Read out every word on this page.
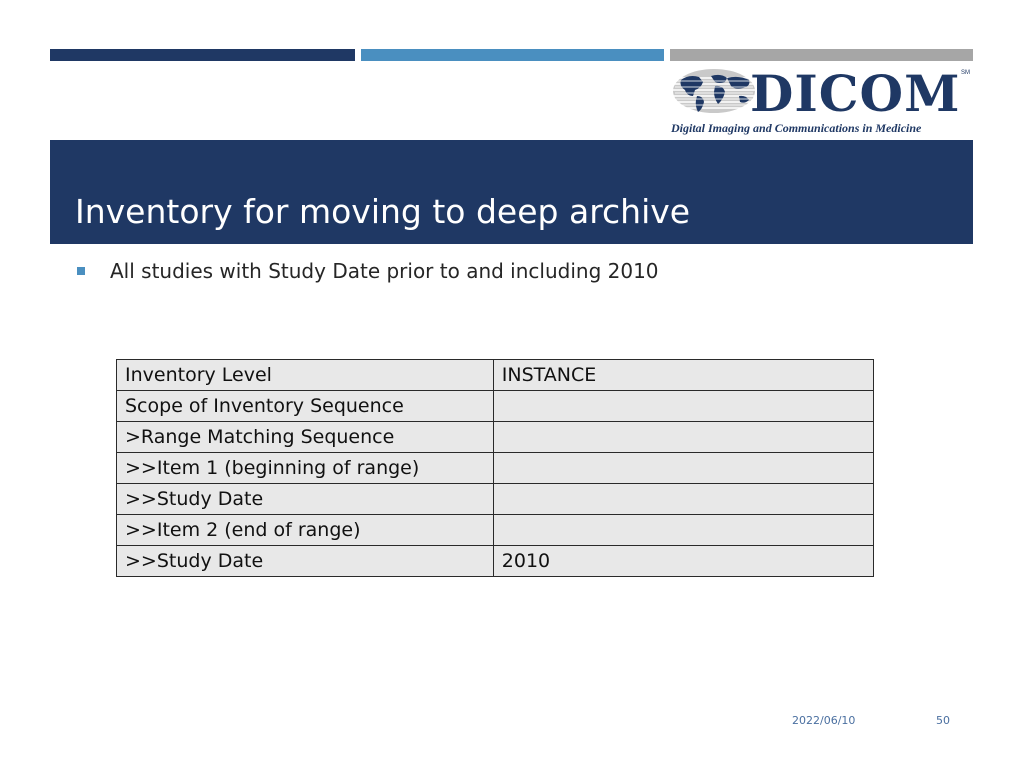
DICOM SM
Digital Imaging and Communications in Medicine
Inventory for moving to deep archive
All studies with Study Date prior to and including 2010
Inventory Level	INSTANCE
Scope of Inventory Sequence	
>Range Matching Sequence	
>>Item 1 (beginning of range)	
>>Study Date	
>>Item 2 (end of range)	
>>Study Date	2010
2022/06/10	50
